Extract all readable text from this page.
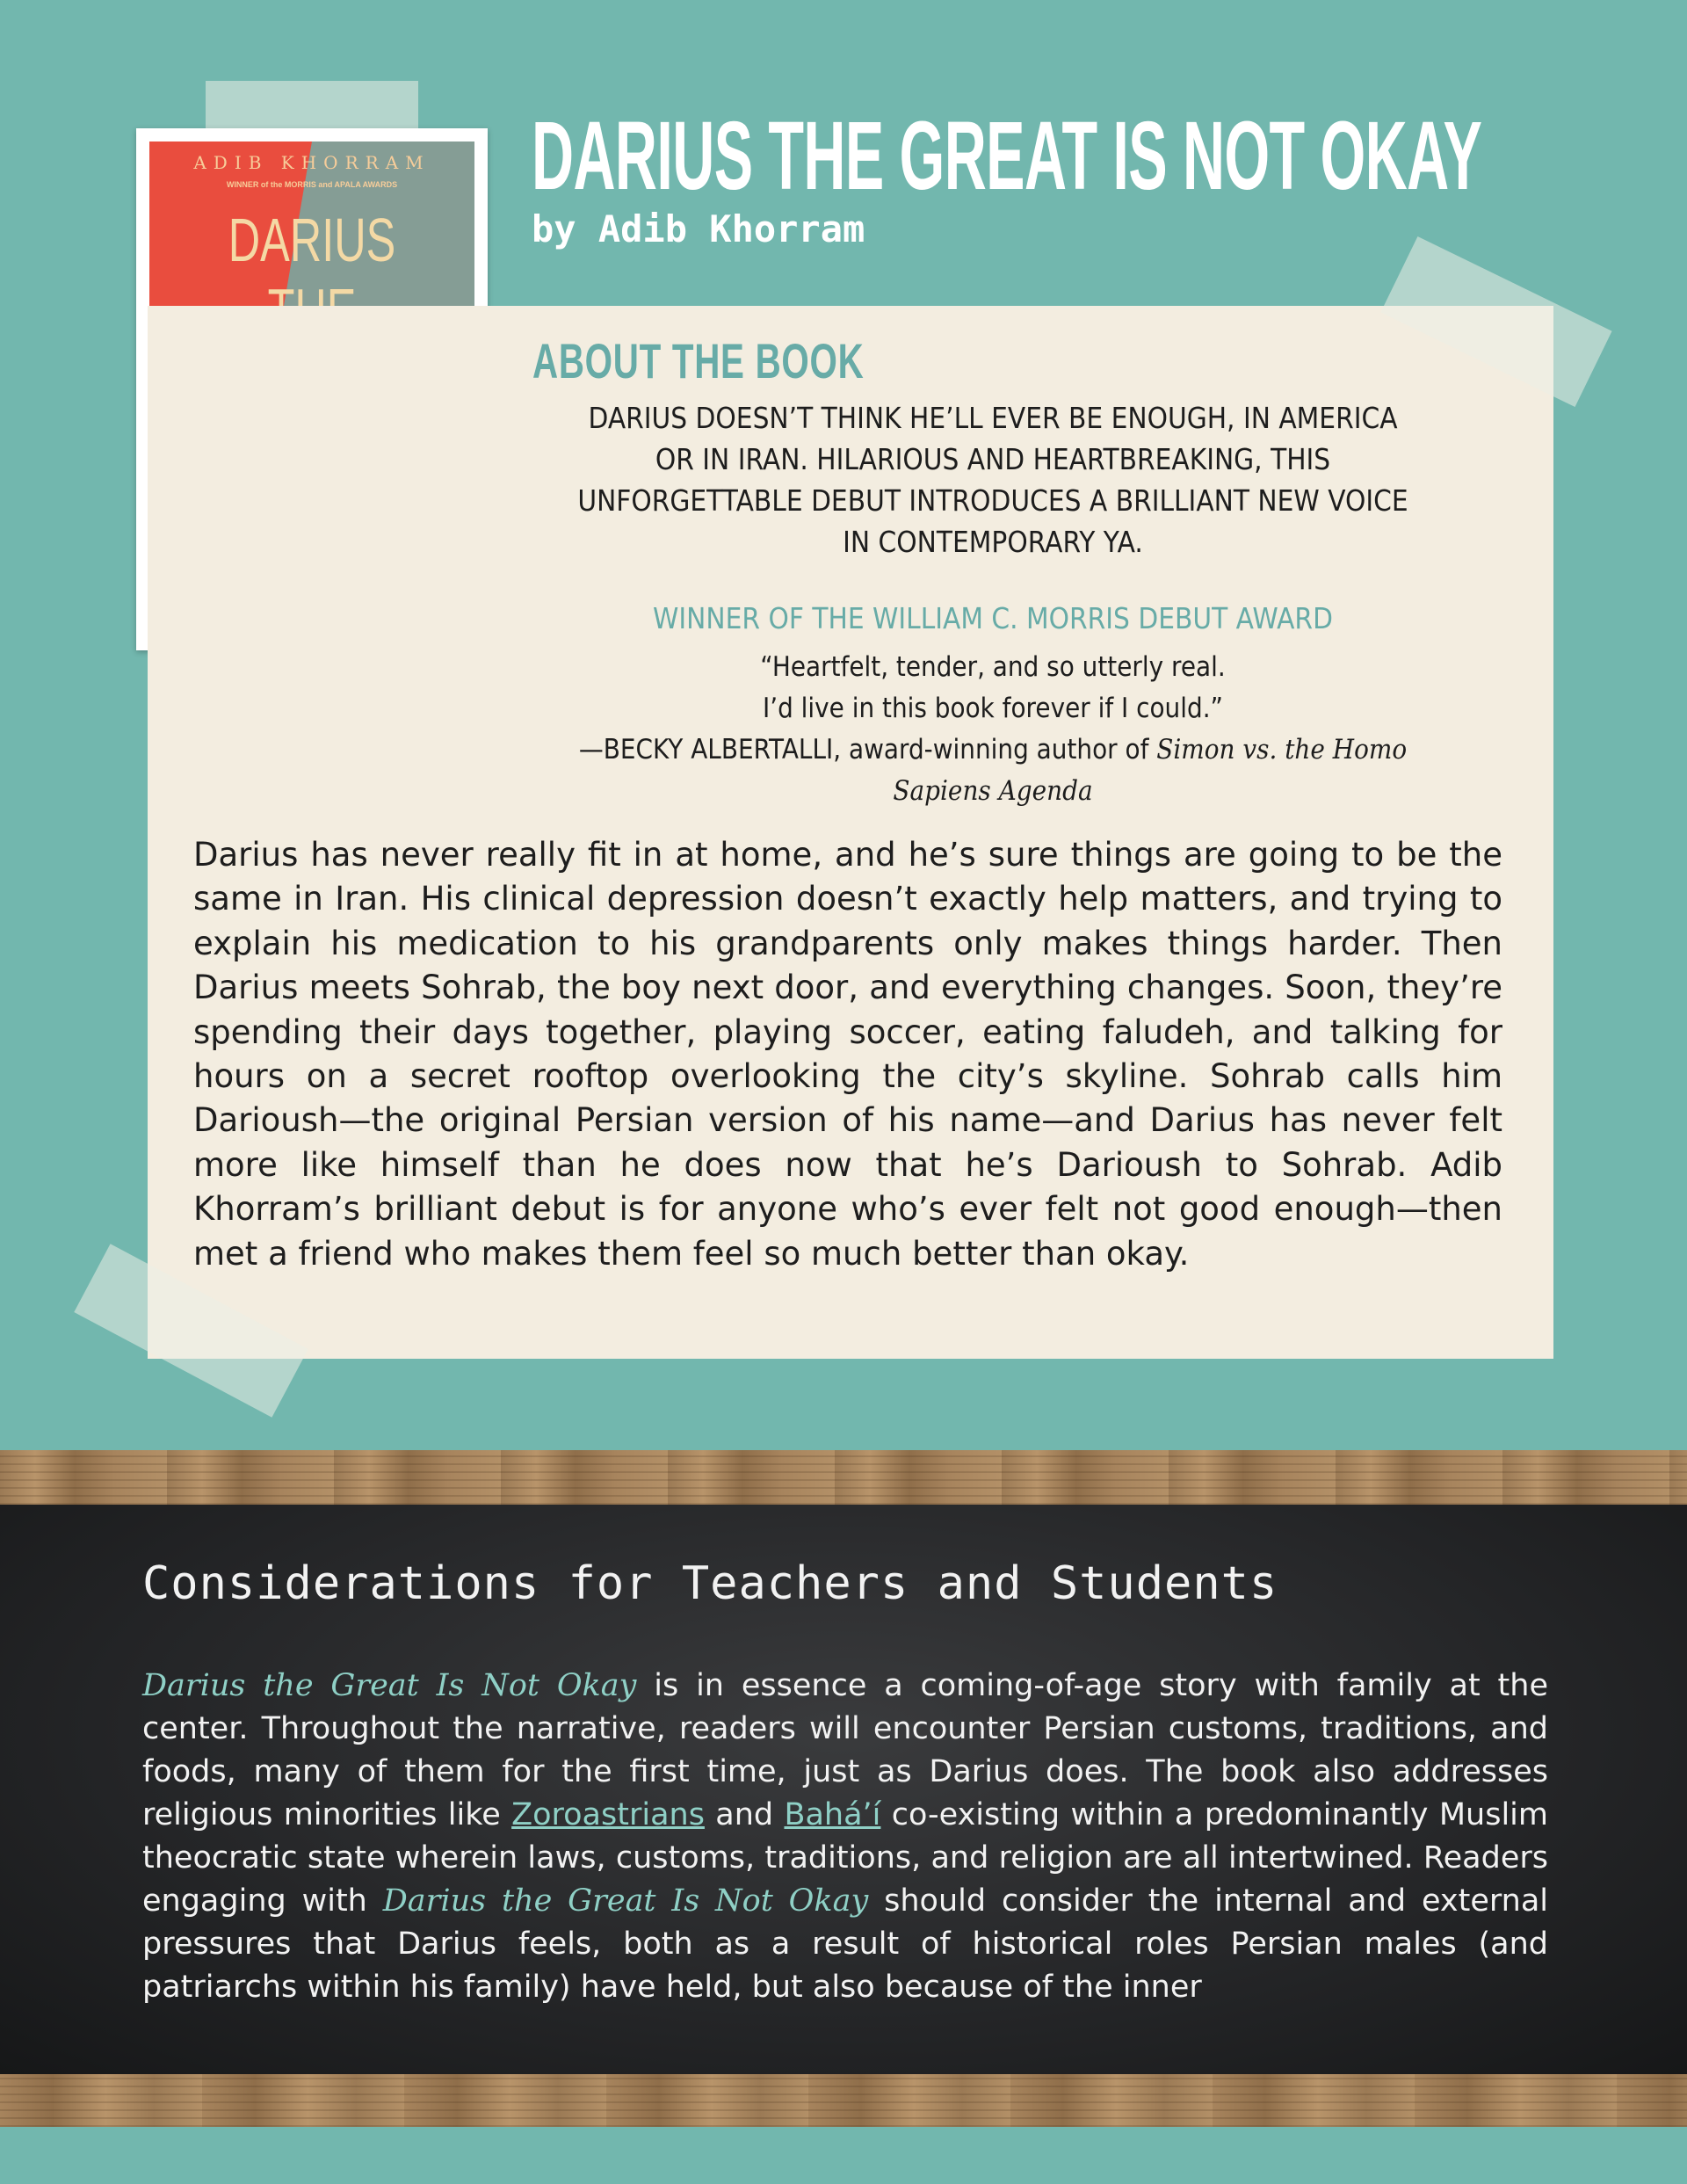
ADIB KHORRAM
WINNER of the MORRIS and APALA AWARDS
DARIUS

DARIUS THE GREAT IS NOT OKAY
by Adib Khorram
ABOUT THE BOOK
DARIUS DOESN’T THINK HE’LL EVER BE ENOUGH, IN AMERICA OR IN IRAN. HILARIOUS AND HEARTBREAKING, THIS UNFORGETTABLE DEBUT INTRODUCES A BRILLIANT NEW VOICE IN CONTEMPORARY YA.
WINNER OF THE WILLIAM C. MORRIS DEBUT AWARD
“Heartfelt, tender, and so utterly real.
I’d live in this book forever if I could.”
—BECKY ALBERTALLI, award-winning author of Simon vs. the Homo Sapiens Agenda
Darius has never really fit in at home, and he’s sure things are going to be the same in Iran. His clinical depression doesn’t exactly help matters, and trying to explain his medication to his grandparents only makes things harder. Then Darius meets Sohrab, the boy next door, and everything changes. Soon, they’re spending their days together, playing soccer, eating faludeh, and talking for hours on a secret rooftop overlooking the city’s skyline. Sohrab calls him Darioush—the original Persian version of his name—and Darius has never felt more like himself than he does now that he’s Darioush to Sohrab. Adib Khorram’s brilliant debut is for anyone who’s ever felt not good enough—then met a friend who makes them feel so much better than okay.
Considerations for Teachers and Students
Darius the Great Is Not Okay is in essence a coming-of-age story with family at the center. Throughout the narrative, readers will encounter Persian customs, traditions, and foods, many of them for the first time, just as Darius does. The book also addresses religious minorities like Zoroastrians and Bahá’í co-existing within a predominantly Muslim theocratic state wherein laws, customs, traditions, and religion are all intertwined. Readers engaging with Darius the Great Is Not Okay should consider the internal and external pressures that Darius feels, both as a result of historical roles Persian males (and patriarchs within his family) have held, but also because of the inner
